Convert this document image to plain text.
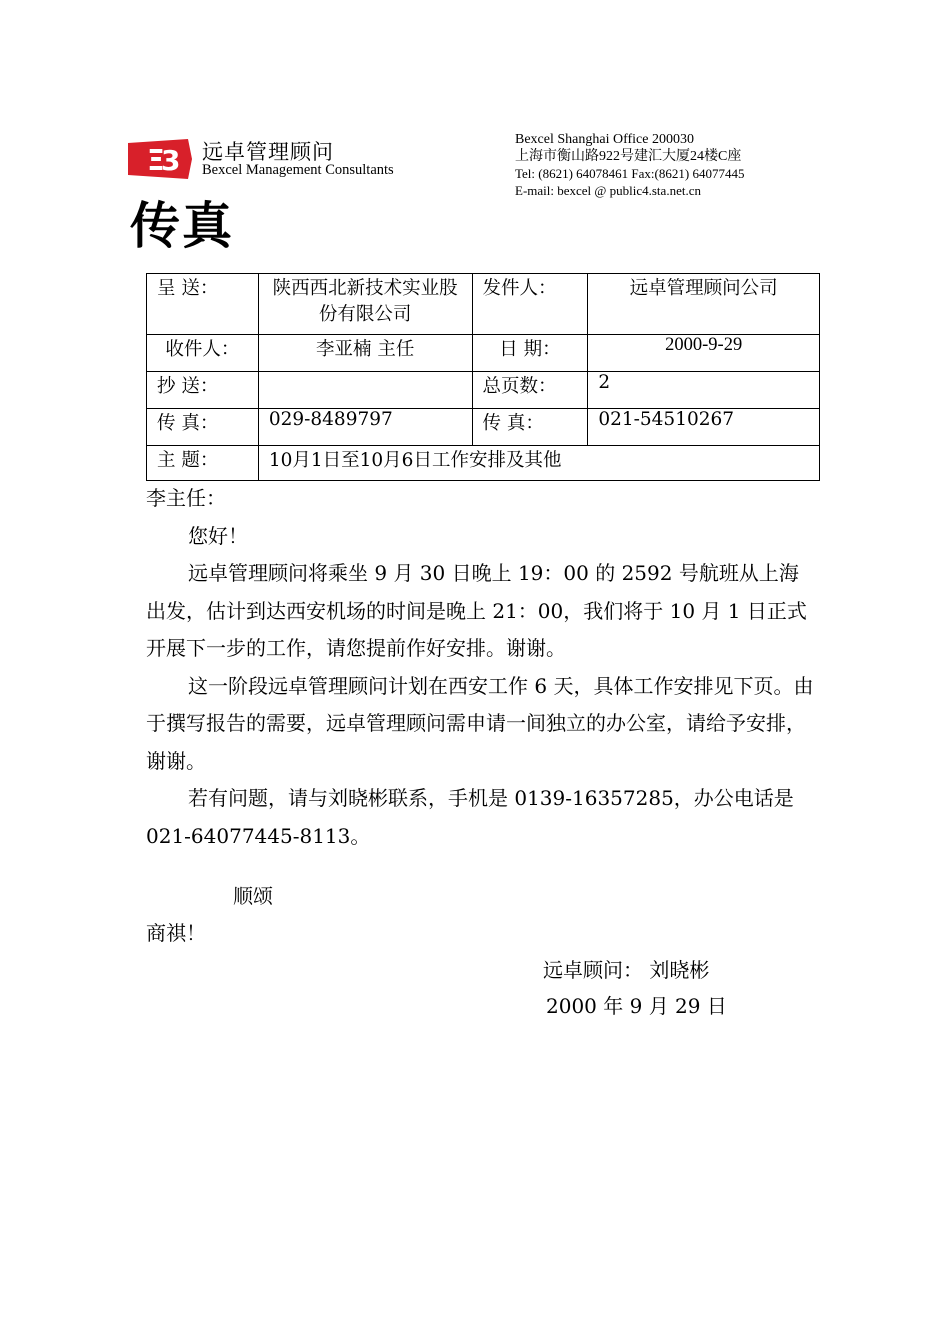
Ξ
3 远卓管理顾问
Bexcel Management Consultants
Bexcel Shanghai Office 200030
上海市衡山路922号建汇大厦24楼C座
Tel: (8621) 64078461 Fax:(8621) 64077445
E-mail: bexcel @ public4.sta.net.cn
传真
呈 送：	陕西西北新技术实业股份有限公司	发件人：	远卓管理顾问公司
收件人：	李亚楠 主任	日 期：	2000-9-29
抄 送：		总页数：	2
传 真：	029-8489797	传 真：	021-54510267
主 题：	10月1日至10月6日工作安排及其他		

李主任：

您好！

远卓管理顾问将乘坐 9 月 30 日晚上 19：00 的 2592 号航班从上海出发，估计到达西安机场的时间是晚上 21：00，我们将于 10 月 1 日正式开展下一步的工作，请您提前作好安排。谢谢。

这一阶段远卓管理顾问计划在西安工作 6 天，具体工作安排见下页。由于撰写报告的需要，远卓管理顾问需申请一间独立的办公室，请给予安排，谢谢。

若有问题，请与刘晓彬联系，手机是 0139-16357285，办公电话是 021-64077445-8113。

顺颂
商祺！
远卓顾问： 刘晓彬
2000 年 9 月 29 日
